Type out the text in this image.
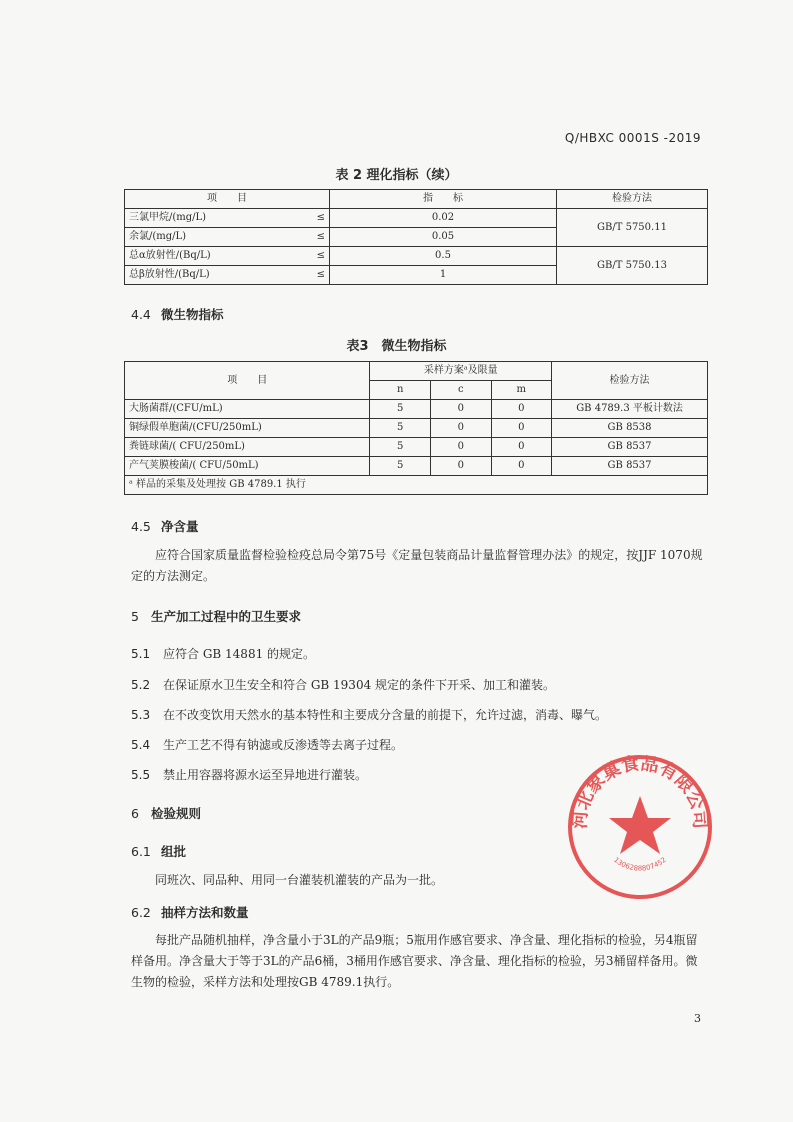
Q/HBXC 0001S -2019
表 2 理化指标（续）
项　　目	指　　标	检验方法
三氯甲烷/(mg/L) ≤	0.02	GB/T 5750.11
余氯/(mg/L) ≤	0.05	
总α放射性/(Bq/L) ≤	0.5	GB/T 5750.13
总β放射性/(Bq/L) ≤	1	
4.4 微生物指标
表3　微生物指标
项　　目	采样方案ᵃ及限量			检验方法
	n	c	m	
大肠菌群/(CFU/mL)	5	0	0	GB 4789.3 平板计数法
铜绿假单胞菌/(CFU/250mL)	5	0	0	GB 8538
粪链球菌/( CFU/250mL)	5	0	0	GB 8537
产气荚膜梭菌/( CFU/50mL)	5	0	0	GB 8537
ᵃ 样品的采集及处理按 GB 4789.1 执行				
4.5 净含量
应符合国家质量监督检验检疫总局令第75号《定量包装商品计量监督管理办法》的规定，按JJF 1070规定的方法测定。
5 生产加工过程中的卫生要求
5.1 应符合 GB 14881 的规定。
5.2 在保证原水卫生安全和符合 GB 19304 规定的条件下开采、加工和灌装。
5.3 在不改变饮用天然水的基本特性和主要成分含量的前提下，允许过滤，消毒、曝气。
5.4 生产工艺不得有钠滤或反渗透等去离子过程。
5.5 禁止用容器将源水运至异地进行灌装。
6 检验规则
6.1 组批
同班次、同品种、用同一台灌装机灌装的产品为一批。
6.2 抽样方法和数量
每批产品随机抽样，净含量小于3L的产品9瓶；5瓶用作感官要求、净含量、理化指标的检验，另4瓶留样备用。净含量大于等于3L的产品6桶，3桶用作感官要求、净含量、理化指标的检验，另3桶留样备用。微生物的检验，采样方法和处理按GB 4789.1执行。
河北象巢食品有限公司
1306288807452
3
